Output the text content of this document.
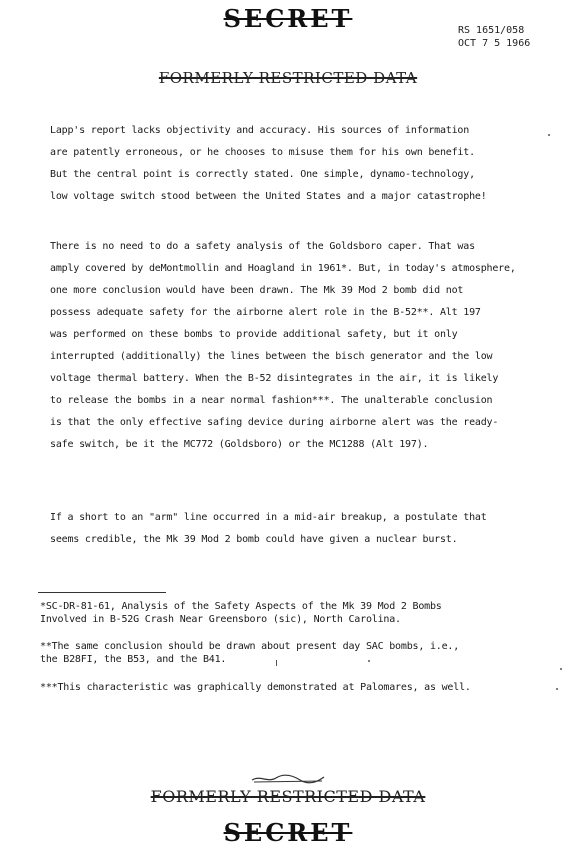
SECRET	RS 1651/058
OCT 7 5 1966
FORMERLY RESTRICTED DATA
Lapp's report lacks objectivity and accuracy. His sources of information
are patently erroneous, or he chooses to misuse them for his own benefit.
But the central point is correctly stated. One simple, dynamo-technology,
low voltage switch stood between the United States and a major catastrophe!
There is no need to do a safety analysis of the Goldsboro caper. That was
amply covered by deMontmollin and Hoagland in 1961*. But, in today's atmosphere,
one more conclusion would have been drawn. The Mk 39 Mod 2 bomb did not
possess adequate safety for the airborne alert role in the B-52**. Alt 197
was performed on these bombs to provide additional safety, but it only
interrupted (additionally) the lines between the bisch generator and the low
voltage thermal battery. When the B-52 disintegrates in the air, it is likely
to release the bombs in a near normal fashion***. The unalterable conclusion
is that the only effective safing device during airborne alert was the ready-
safe switch, be it the MC772 (Goldsboro) or the MC1288 (Alt 197).
If a short to an "arm" line occurred in a mid-air breakup, a postulate that
seems credible, the Mk 39 Mod 2 bomb could have given a nuclear burst.
*SC-DR-81-61, Analysis of the Safety Aspects of the Mk 39 Mod 2 Bombs
Involved in B-52G Crash Near Greensboro (sic), North Carolina.
**The same conclusion should be drawn about present day SAC bombs, i.e.,
the B28FI, the B53, and the B41.
***This characteristic was graphically demonstrated at Palomares, as well.
FORMERLY RESTRICTED DATA
SECRET
